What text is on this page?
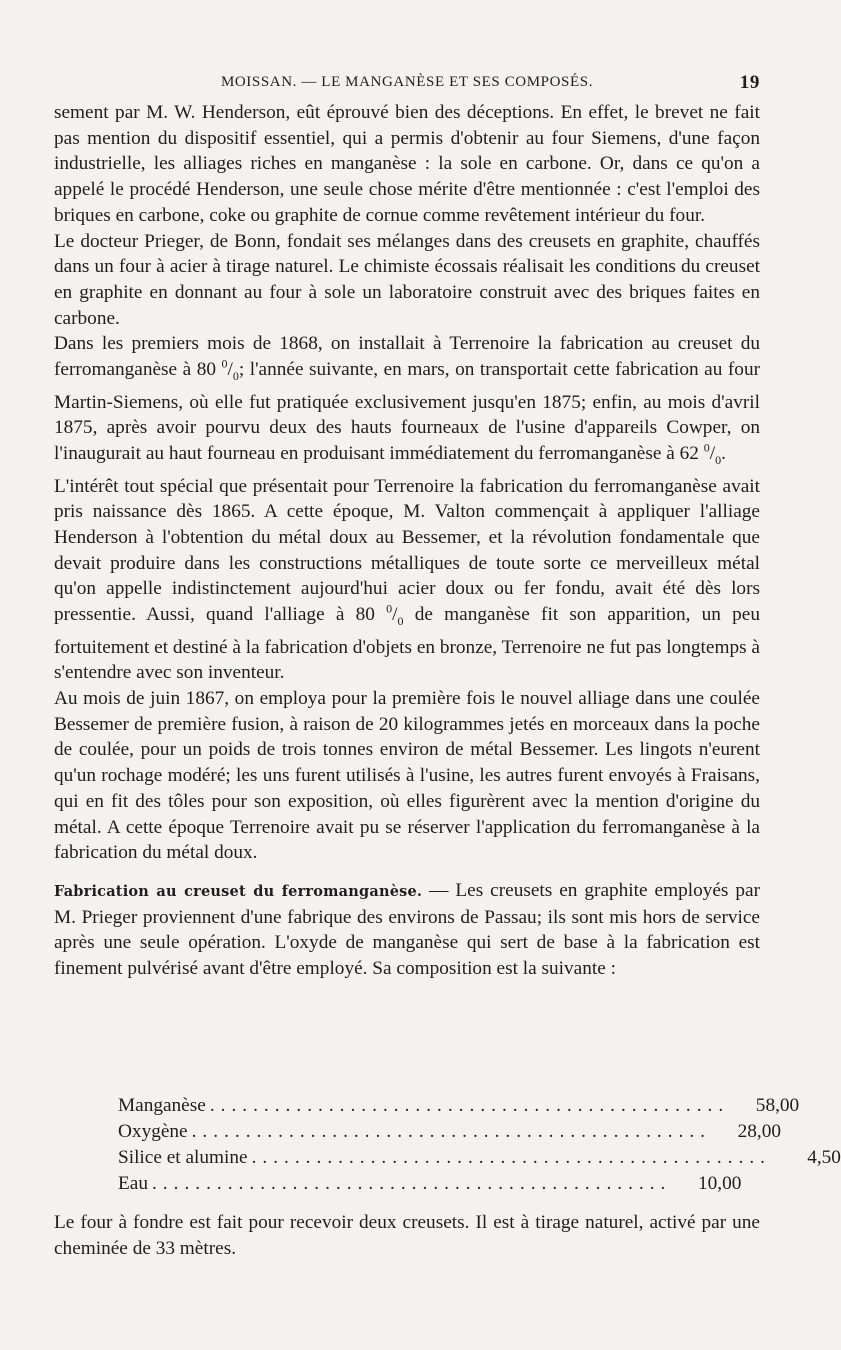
MOISSAN. — LE MANGANÈSE ET SES COMPOSÉS.	19

sement par M. W. Henderson, eût éprouvé bien des déceptions. En effet, le brevet ne fait pas mention du dispositif essentiel, qui a permis d'obtenir au four Siemens, d'une façon industrielle, les alliages riches en manganèse : la sole en carbone. Or, dans ce qu'on a appelé le procédé Henderson, une seule chose mérite d'être mentionnée : c'est l'emploi des briques en carbone, coke ou graphite de cornue comme revêtement intérieur du four.

Le docteur Prieger, de Bonn, fondait ses mélanges dans des creusets en graphite, chauffés dans un four à acier à tirage naturel. Le chimiste écossais réalisait les conditions du creuset en graphite en donnant au four à sole un laboratoire construit avec des briques faites en carbone.

Dans les premiers mois de 1868, on installait à Terrenoire la fabrication au creuset du ferromanganèse à 80 $^0/_0$; l'année suivante, en mars, on transportait cette fabrication au four Martin-Siemens, où elle fut pratiquée exclusivement jusqu'en 1875; enfin, au mois d'avril 1875, après avoir pourvu deux des hauts fourneaux de l'usine d'appareils Cowper, on l'inaugurait au haut fourneau en produisant immédiatement du ferromanganèse à 62 $^0/_0$.

L'intérêt tout spécial que présentait pour Terrenoire la fabrication du ferromanganèse avait pris naissance dès 1865. A cette époque, M. Valton commençait à appliquer l'alliage Henderson à l'obtention du métal doux au Bessemer, et la révolution fondamentale que devait produire dans les constructions métalliques de toute sorte ce merveilleux métal qu'on appelle indistinctement aujourd'hui acier doux ou fer fondu, avait été dès lors pressentie. Aussi, quand l'alliage à 80 $^0/_0$ de manganèse fit son apparition, un peu fortuitement et destiné à la fabrication d'objets en bronze, Terrenoire ne fut pas longtemps à s'entendre avec son inventeur.

Au mois de juin 1867, on employa pour la première fois le nouvel alliage dans une coulée Bessemer de première fusion, à raison de 20 kilogrammes jetés en morceaux dans la poche de coulée, pour un poids de trois tonnes environ de métal Bessemer. Les lingots n'eurent qu'un rochage modéré; les uns furent utilisés à l'usine, les autres furent envoyés à Fraisans, qui en fit des tôles pour son exposition, où elles figurèrent avec la mention d'origine du métal. A cette époque Terrenoire avait pu se réserver l'application du ferromanganèse à la fabrication du métal doux.

Fabrication au creuset du ferromanganèse. — Les creusets en graphite employés par M. Prieger proviennent d'une fabrique des environs de Passau; ils sont mis hors de service après une seule opération. L'oxyde de manganèse qui sert de base à la fabrication est finement pulvérisé avant d'être employé. Sa composition est la suivante :

Manganèse ................................................	58,00
Oxygène ................................................	28,00
Silice et alumine ................................................	4,50
Eau ................................................	10,00

Le four à fondre est fait pour recevoir deux creusets. Il est à tirage naturel, activé par une cheminée de 33 mètres.
